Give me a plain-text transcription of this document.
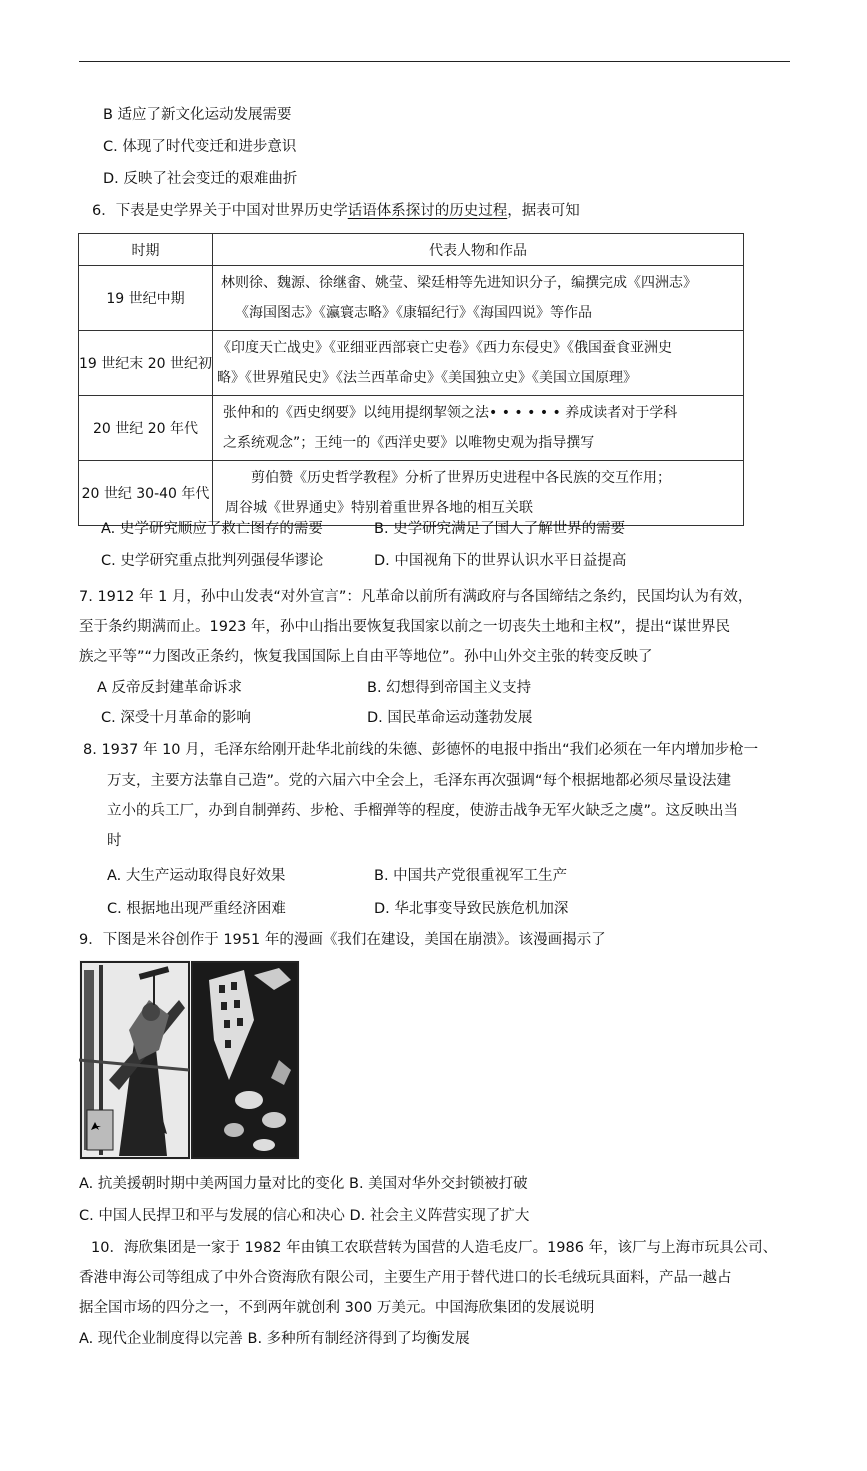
B 适应了新文化运动发展需要
C. 体现了时代变迁和进步意识
D. 反映了社会变迁的艰难曲折
6．下表是史学界关于中国对世界历史学话语体系探讨的历史过程，据表可知
时期	代表人物和作品
19 世纪中期	林则徐、魏源、徐继畬、姚莹、梁廷枏等先进知识分子，编撰完成《四洲志》
《海国图志》《瀛寰志略》《康辐纪行》《海国四说》等作品

19 世纪末 20 世纪初	《印度天亡战史》《亚细亚西部衰亡史卷》《西力东侵史》《俄国蚕食亚洲史
略》《世界殖民史》《法兰西革命史》《美国独立史》《美国立国原理》

20 世纪 20 年代	张仲和的《西史纲要》以纯用提纲挈领之法• • • • • • 养成读者对于学科
之系统观念”；王纯一的《西洋史要》以唯物史观为指导撰写

20 世纪 30-40 年代	剪伯赞《历史哲学教程》分析了世界历史进程中各民族的交互作用；
周谷城《世界通史》特别着重世界各地的相互关联
A. 史学研究顺应了救亡图存的需要	B. 史学研究满足了国人了解世界的需要
C. 史学研究重点批判列强侵华谬论	D. 中国视角下的世界认识水平日益提高
7. 1912 年 1 月，孙中山发表“对外宣言”：凡革命以前所有满政府与各国缔结之条约，民国均认为有效，
至于条约期满而止。1923 年，孙中山指出要恢复我国家以前之一切丧失土地和主权”，提出“谋世界民
族之平等”“力图改正条约，恢复我国国际上自由平等地位”。孙中山外交主张的转变反映了
A 反帝反封建革命诉求	B. 幻想得到帝国主义支持
C. 深受十月革命的影响	D. 国民革命运动蓬勃发展
8. 1937 年 10 月，毛泽东给刚开赴华北前线的朱德、彭德怀的电报中指出“我们必须在一年内增加步枪一
万支，主要方法靠自己造”。党的六届六中全会上，毛泽东再次强调“每个根据地都必须尽量设法建
立小的兵工厂，办到自制弹药、步枪、手榴弹等的程度，使游击战争无军火缺乏之虞”。这反映出当
时
A. 大生产运动取得良好效果	B. 中国共产党很重视军工生产
C. 根据地出现严重经济困难	D. 华北事变导致民族危机加深
9．下图是米谷创作于 1951 年的漫画《我们在建设，美国在崩溃》。该漫画揭示了
A. 抗美援朝时期中美两国力量对比的变化 B. 美国对华外交封锁被打破
C. 中国人民捍卫和平与发展的信心和决心 D. 社会主义阵营实现了扩大
10．海欣集团是一家于 1982 年由镇工农联营转为国营的人造毛皮厂。1986 年，该厂与上海市玩具公司、
香港申海公司等组成了中外合资海欣有限公司，主要生产用于替代进口的长毛绒玩具面料，产品一越占
据全国市场的四分之一，不到两年就创利 300 万美元。中国海欣集团的发展说明
A. 现代企业制度得以完善 B. 多种所有制经济得到了均衡发展
